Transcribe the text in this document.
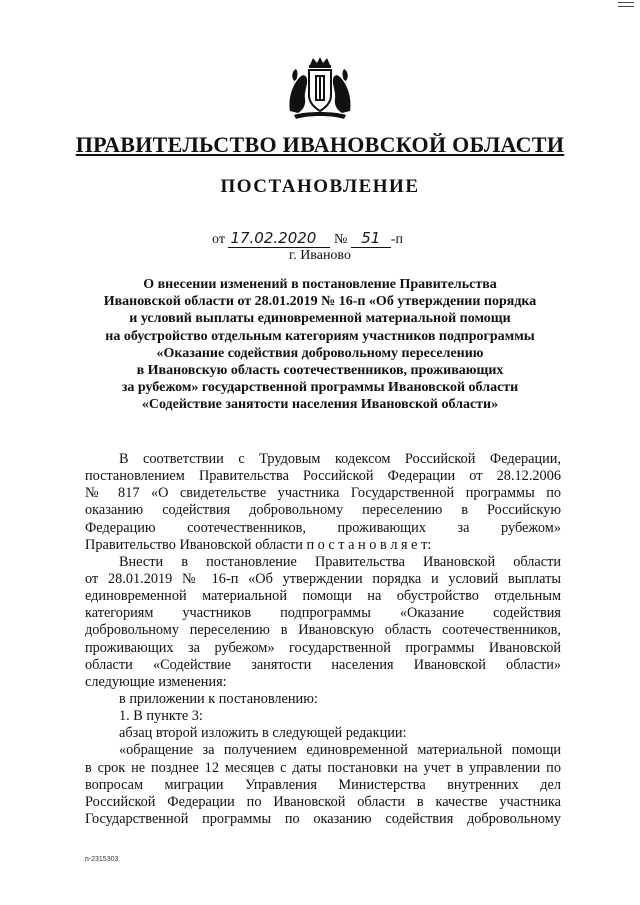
ПРАВИТЕЛЬСТВО ИВАНОВСКОЙ ОБЛАСТИ
ПОСТАНОВЛЕНИЕ
от 17.02.2020 № 51 -п
г. Иваново
О внесении изменений в постановление Правительства
Ивановской области от 28.01.2019 № 16-п «Об утверждении порядка
и условий выплаты единовременной материальной помощи
на обустройство отдельным категориям участников подпрограммы
«Оказание содействия добровольному переселению
в Ивановскую область соотечественников, проживающих
за рубежом» государственной программы Ивановской области
«Содействие занятости населения Ивановской области»
В соответствии с Трудовым кодексом Российской Федерации,
постановлением Правительства Российской Федерации от 28.12.2006
№ 817 «О свидетельстве участника Государственной программы по
оказанию содействия добровольному переселению в Российскую
Федерацию соотечественников, проживающих за рубежом»
Правительство Ивановской области п о с т а н о в л я е т:
Внести в постановление Правительства Ивановской области
от 28.01.2019 № 16-п «Об утверждении порядка и условий выплаты
единовременной материальной помощи на обустройство отдельным
категориям участников подпрограммы «Оказание содействия
добровольному переселению в Ивановскую область соотечественников,
проживающих за рубежом» государственной программы Ивановской
области «Содействие занятости населения Ивановской области»
следующие изменения:
в приложении к постановлению:
1. В пункте 3:
абзац второй изложить в следующей редакции:
«обращение за получением единовременной материальной помощи
в срок не позднее 12 месяцев с даты постановки на учет в управлении по
вопросам миграции Управления Министерства внутренних дел
Российской Федерации по Ивановской области в качестве участника
Государственной программы по оказанию содействия добровольному
п-2315303
